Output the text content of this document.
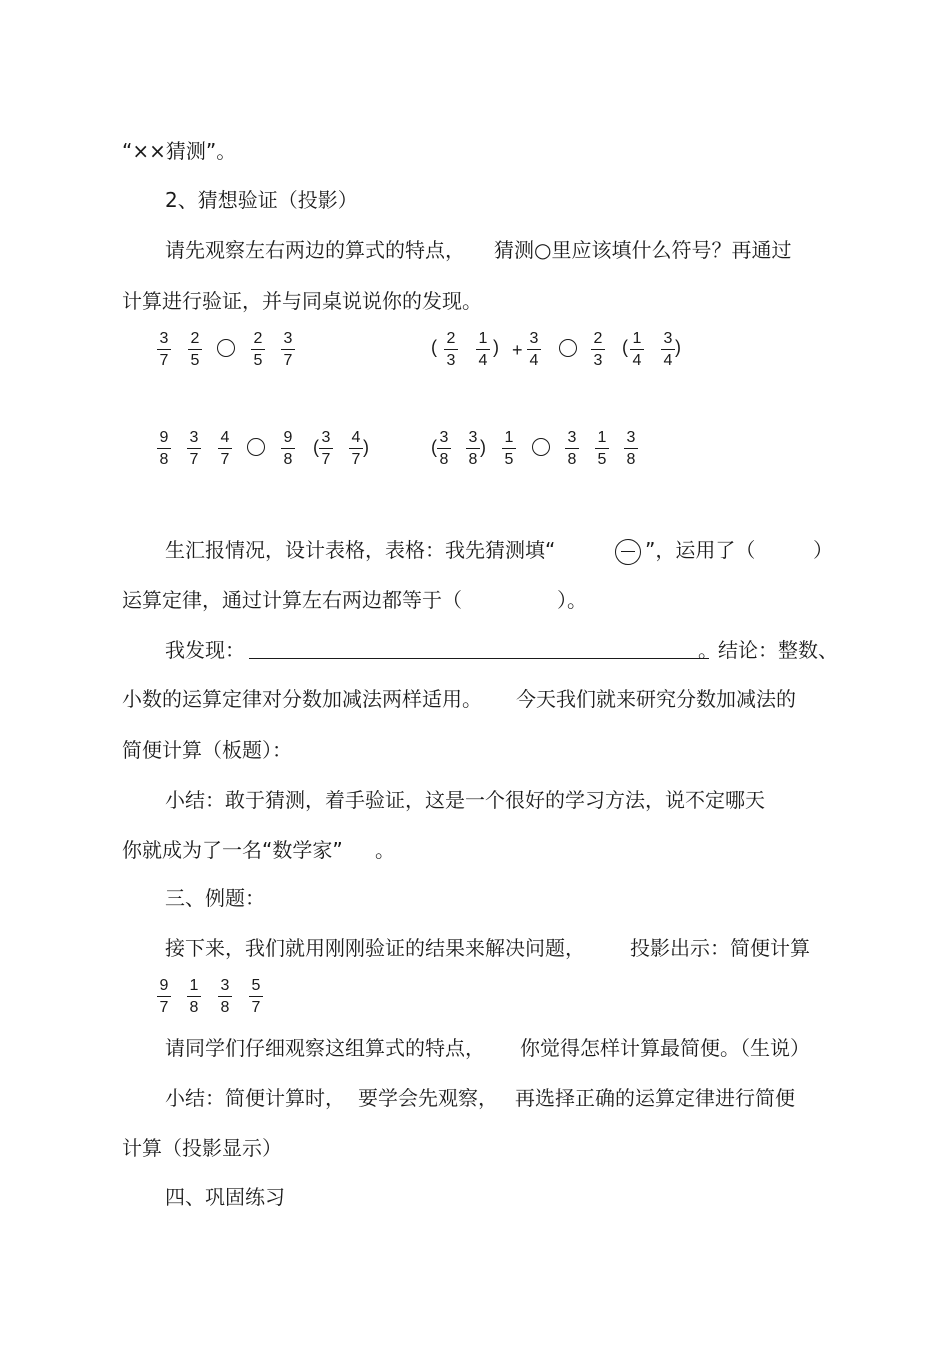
“××猜测”。
2、猜想验证（投影）
请先观察左右两边的算式的特点， 猜测○里应该填什么符号？再通过
计算进行验证，并与同桌说说你的发现。
3
7
2
5
2
5
3
7
( 2
3
1
4
) +
3
4
2
3
( 1
4
3
4
)
9
8
3
7
4
7
9
8
( 3
7
4
7
)	( 3
8
3
8
) 1
5
3
8
1
5
3
8
生汇报情况，设计表格，表格：我先猜测填“	”，运用了（	）
运算定律，通过计算左右两边都等于（	）。
我发现：	。结论：整数、
小数的运算定律对分数加减法两样适用。 今天我们就来研究分数加减法的
简便计算（板题）：
小结：敢于猜测，着手验证，这是一个很好的学习方法，说不定哪天
你就成为了一名“数学家” 。
三、例题：
接下来，我们就用刚刚验证的结果来解决问题， 投影出示：简便计算
9
7
1
8
3
8
5
7
请同学们仔细观察这组算式的特点， 你觉得怎样计算最简便。（生说）
小结：简便计算时， 要学会先观察， 再选择正确的运算定律进行简便
计算（投影显示）
四、巩固练习
